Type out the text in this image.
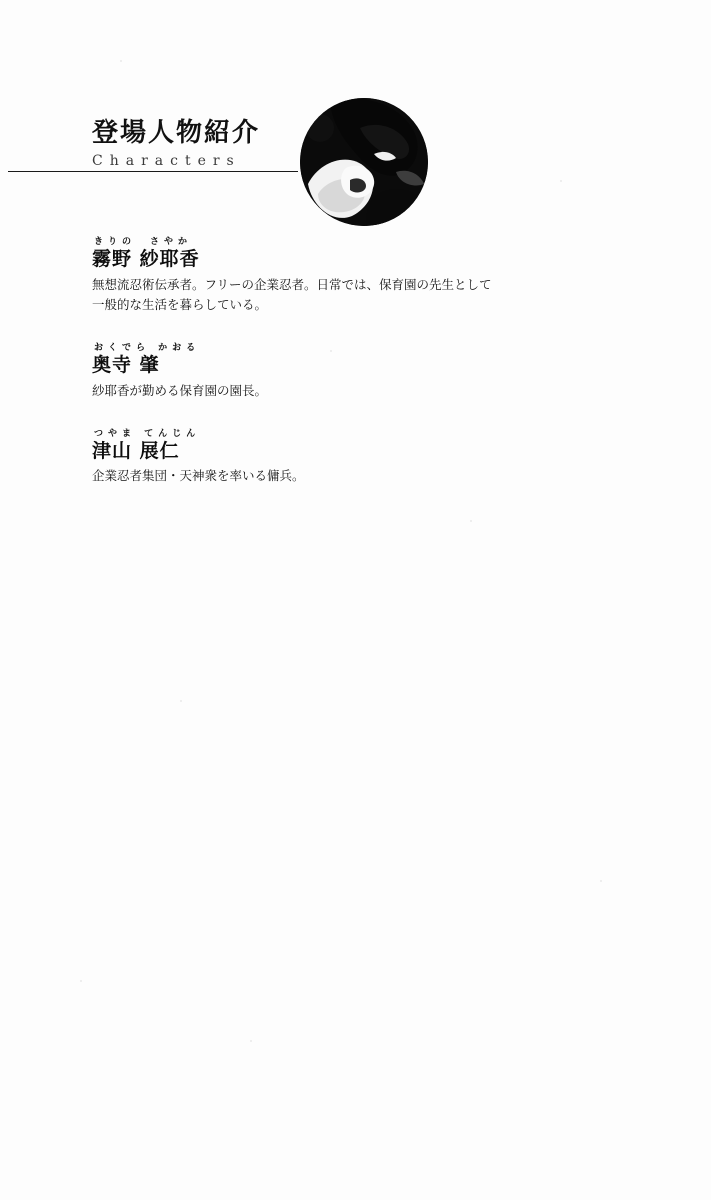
登場人物紹介
Characters
きりの　さやか
霧野 紗耶香
無想流忍術伝承者。フリーの企業忍者。日常では、保育園の先生として
一般的な生活を暮らしている。
おくでら かおる
奥寺 肇
紗耶香が勤める保育園の園長。
つやま てんじん
津山 展仁
企業忍者集団・天神衆を率いる傭兵。
